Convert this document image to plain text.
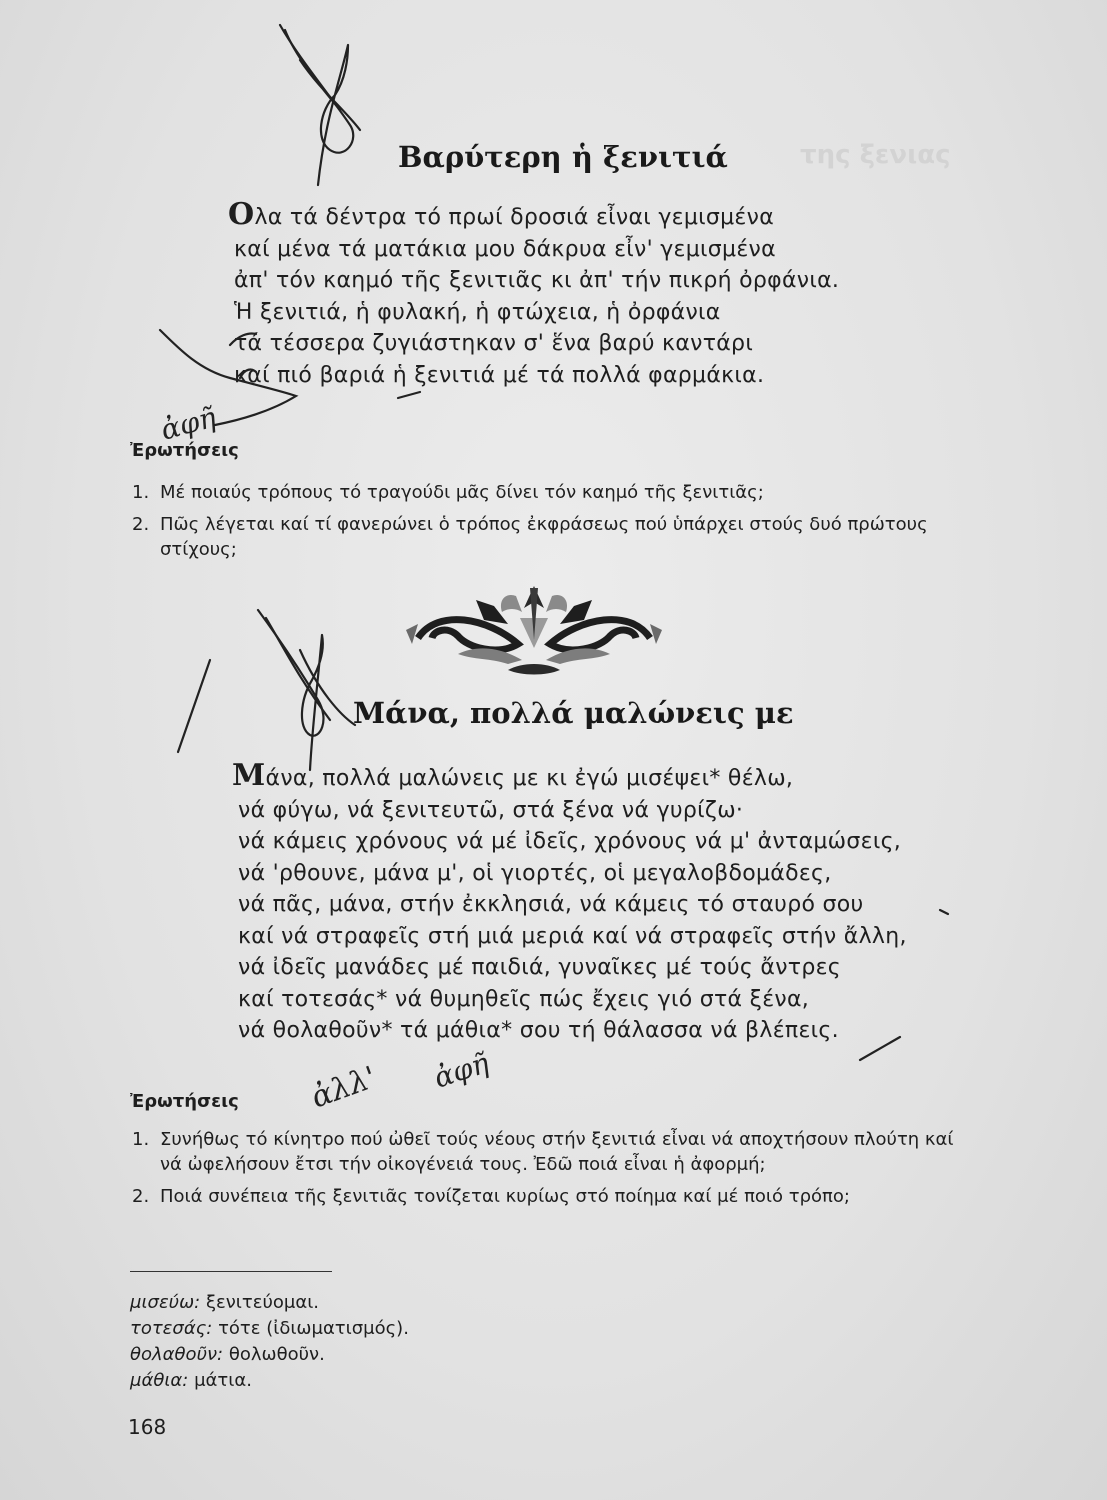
της ξενιας
Βαρύτερη ἡ ξενιτιά
Ολα τά δέντρα τό πρωί δροσιά εἶναι γεμισμένα
καί μένα τά ματάκια μου δάκρυα εἶν' γεμισμένα
ἀπ' τόν καημό τῆς ξενιτιᾶς κι ἀπ' τήν πικρή ὀρφάνια.
Ἡ ξενιτιά, ἡ φυλακή, ἡ φτώχεια, ἡ ὀρφάνια
τά τέσσερα ζυγιάστηκαν σ' ἕνα βαρύ καντάρι
καί πιό βαριά ἡ ξενιτιά μέ τά πολλά φαρμάκια.
Ἐρωτήσεις
1. Μέ ποιαύς τρόπους τό τραγούδι μᾶς δίνει τόν καημό τῆς ξενιτιᾶς;
2. Πῶς λέγεται καί τί φανερώνει ὁ τρόπος ἐκφράσεως πού ὑπάρχει στούς δυό πρώτους στίχους;
Μάνα, πολλά μαλώνεις με
Μάνα, πολλά μαλώνεις με κι ἐγώ μισέψει* θέλω,
νά φύγω, νά ξενιτευτῶ, στά ξένα νά γυρίζω·
νά κάμεις χρόνους νά μέ ἰδεῖς, χρόνους νά μ' ἀνταμώσεις,
νά 'ρθουνε, μάνα μ', οἱ γιορτές, οἱ μεγαλοβδομάδες,
νά πᾶς, μάνα, στήν ἐκκλησιά, νά κάμεις τό σταυρό σου
καί νά στραφεῖς στή μιά μεριά καί νά στραφεῖς στήν ἄλλη,
νά ἰδεῖς μανάδες μέ παιδιά, γυναῖκες μέ τούς ἄντρες
καί τοτεσάς* νά θυμηθεῖς πώς ἔχεις γιό στά ξένα,
νά θολαθοῦν* τά μάθια* σου τή θάλασσα νά βλέπεις.
Ἐρωτήσεις
1. Συνήθως τό κίνητρο πού ὠθεῖ τούς νέους στήν ξενιτιά εἶναι νά αποχτήσουν πλούτη καί νά ὠφελήσουν ἔτσι τήν οἰκογένειά τους. Ἐδῶ ποιά εἶναι ἡ ἀφορμή;
2. Ποιά συνέπεια τῆς ξενιτιᾶς τονίζεται κυρίως στό ποίημα καί μέ ποιό τρόπο;
μισεύω: ξενιτεύομαι.
τοτεσάς: τότε (ἰδιωματισμός).
θολαθοῦν: θολωθοῦν.
μάθια: μάτια.
168
ἀφῆ
ἀλλ' ἀφῆ
